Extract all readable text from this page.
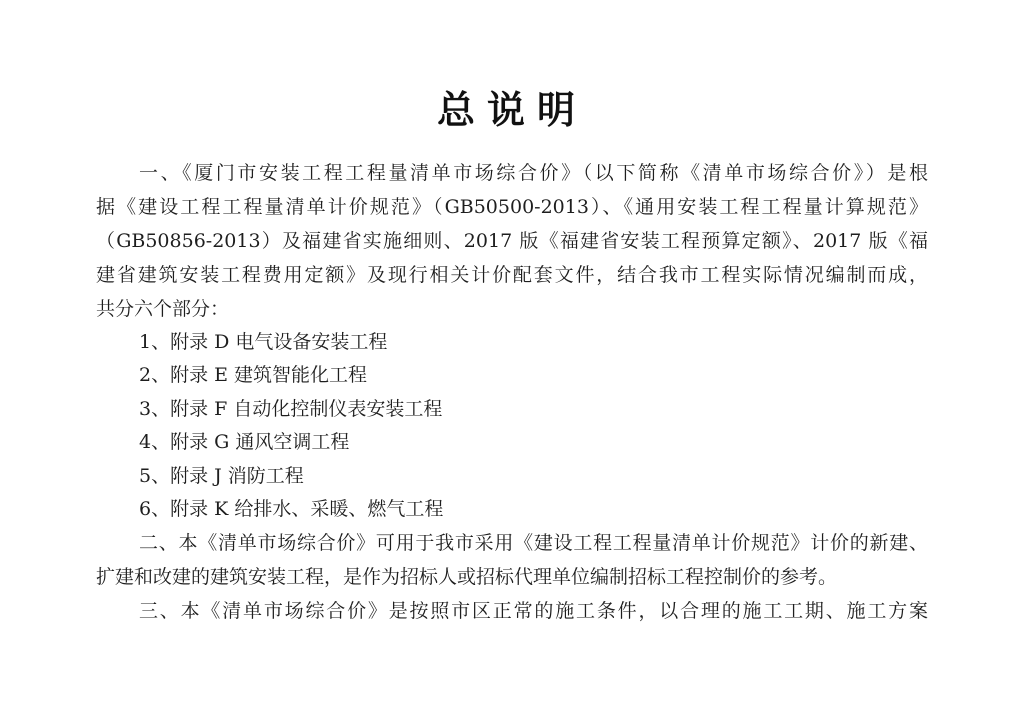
总说明
一、《厦门市安装工程工程量清单市场综合价》（以下简称《清单市场综合价》）是根
据《建设工程工程量清单计价规范》（GB50500-2013）、《通用安装工程工程量计算规范》
（GB50856-2013）及福建省实施细则、2017 版《福建省安装工程预算定额》、2017 版《福
建省建筑安装工程费用定额》及现行相关计价配套文件，结合我市工程实际情况编制而成，
共分六个部分：
1、附录 D 电气设备安装工程
2、附录 E 建筑智能化工程
3、附录 F 自动化控制仪表安装工程
4、附录 G 通风空调工程
5、附录 J 消防工程
6、附录 K 给排水、采暖、燃气工程
二、本《清单市场综合价》可用于我市采用《建设工程工程量清单计价规范》计价的新建、
扩建和改建的建筑安装工程，是作为招标人或招标代理单位编制招标工程控制价的参考。
三、本《清单市场综合价》是按照市区正常的施工条件，以合理的施工工期、施工方案
